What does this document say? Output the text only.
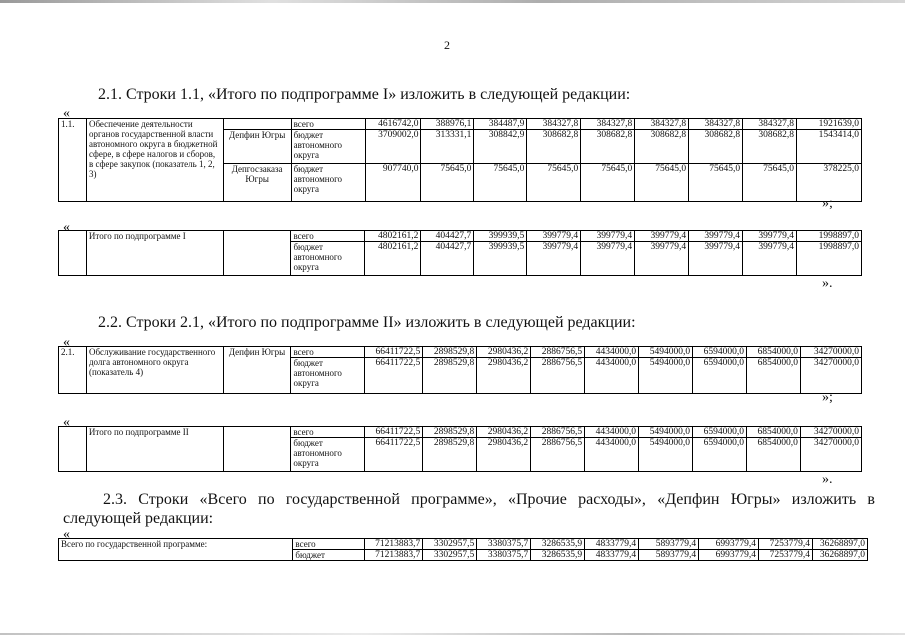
2
2.1. Строки 1.1, «Итого по подпрограмме I» изложить в следующей редакции:
«
1.1.	Обеспечение деятельности органов государственной власти автономного округа в бюджетной сфере, в сфере налогов и сборов, в сфере закупок (показатель 1, 2, 3)		всего	4616742,0	388976,1	384487,9	384327,8	384327,8	384327,8	384327,8	384327,8	1921639,0
		Депфин Югры	бюджет автономного округа	3709002,0	313331,1	308842,9	308682,8	308682,8	308682,8	308682,8	308682,8	1543414,0
		Депгосзаказа Югры	бюджет автономного округа	907740,0	75645,0	75645,0	75645,0	75645,0	75645,0	75645,0	75645,0	378225,0
»;
«
	Итого по подпрограмме I		всего	4802161,2	404427,7	399939,5	399779,4	399779,4	399779,4	399779,4	399779,4	1998897,0
			бюджет автономного округа	4802161,2	404427,7	399939,5	399779,4	399779,4	399779,4	399779,4	399779,4	1998897,0
».
2.2. Строки 2.1, «Итого по подпрограмме II» изложить в следующей редакции:
«
2.1.	Обслуживание государственного долга автономного округа (показатель 4)	Депфин Югры	всего	66411722,5	2898529,8	2980436,2	2886756,5	4434000,0	5494000,0	6594000,0	6854000,0	34270000,0
			бюджет автономного округа	66411722,5	2898529,8	2980436,2	2886756,5	4434000,0	5494000,0	6594000,0	6854000,0	34270000,0
»;
«
	Итого по подпрограмме II		всего	66411722,5	2898529,8	2980436,2	2886756,5	4434000,0	5494000,0	6594000,0	6854000,0	34270000,0
			бюджет автономного округа	66411722,5	2898529,8	2980436,2	2886756,5	4434000,0	5494000,0	6594000,0	6854000,0	34270000,0
».
2.3. Строки «Всего по государственной программе», «Прочие расходы», «Депфин Югры» изложить в
следующей редакции:
«
Всего по государственной программе:	всего	71213883,7	3302957,5	3380375,7	3286535,9	4833779,4	5893779,4	6993779,4	7253779,4	36268897,0
	бюджет	71213883,7	3302957,5	3380375,7	3286535,9	4833779,4	5893779,4	6993779,4	7253779,4	36268897,0
